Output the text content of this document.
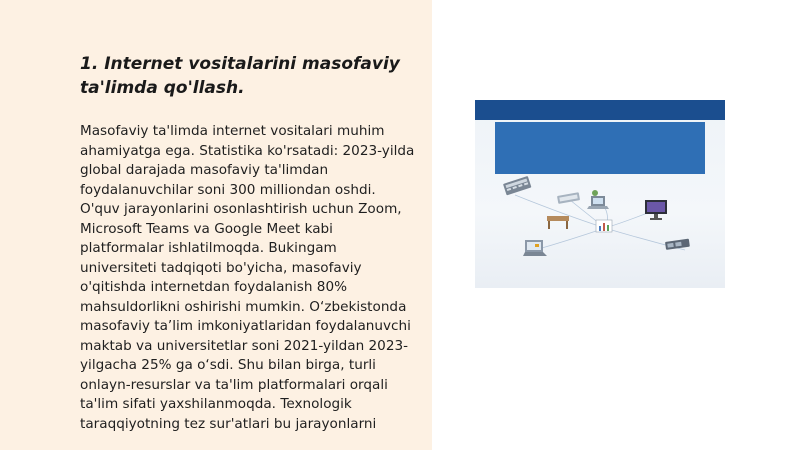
1. Internet vositalarini masofaviy ta'limda qo'llash.

Masofaviy ta'limda internet vositalari muhim ahamiyatga ega. Statistika ko'rsatadi: 2023-yilda global darajada masofaviy ta'limdan foydalanuvchilar soni 300 milliondan oshdi. O'quv jarayonlarini osonlashtirish uchun Zoom, Microsoft Teams va Google Meet kabi platformalar ishlatilmoqda. Bukingam universiteti tadqiqoti bo'yicha, masofaviy o'qitishda internetdan foydalanish 80% mahsuldorlikni oshirishi mumkin. O‘zbekistonda masofaviy ta’lim imkoniyatlaridan foydalanuvchi maktab va universitetlar soni 2021-yildan 2023-yilgacha 25% ga o‘sdi. Shu bilan birga, turli onlayn-resurslar va ta'lim platformalari orqali ta'lim sifati yaxshilanmoqda. Texnologik taraqqiyotning tez sur'atlari bu jarayonlarni
